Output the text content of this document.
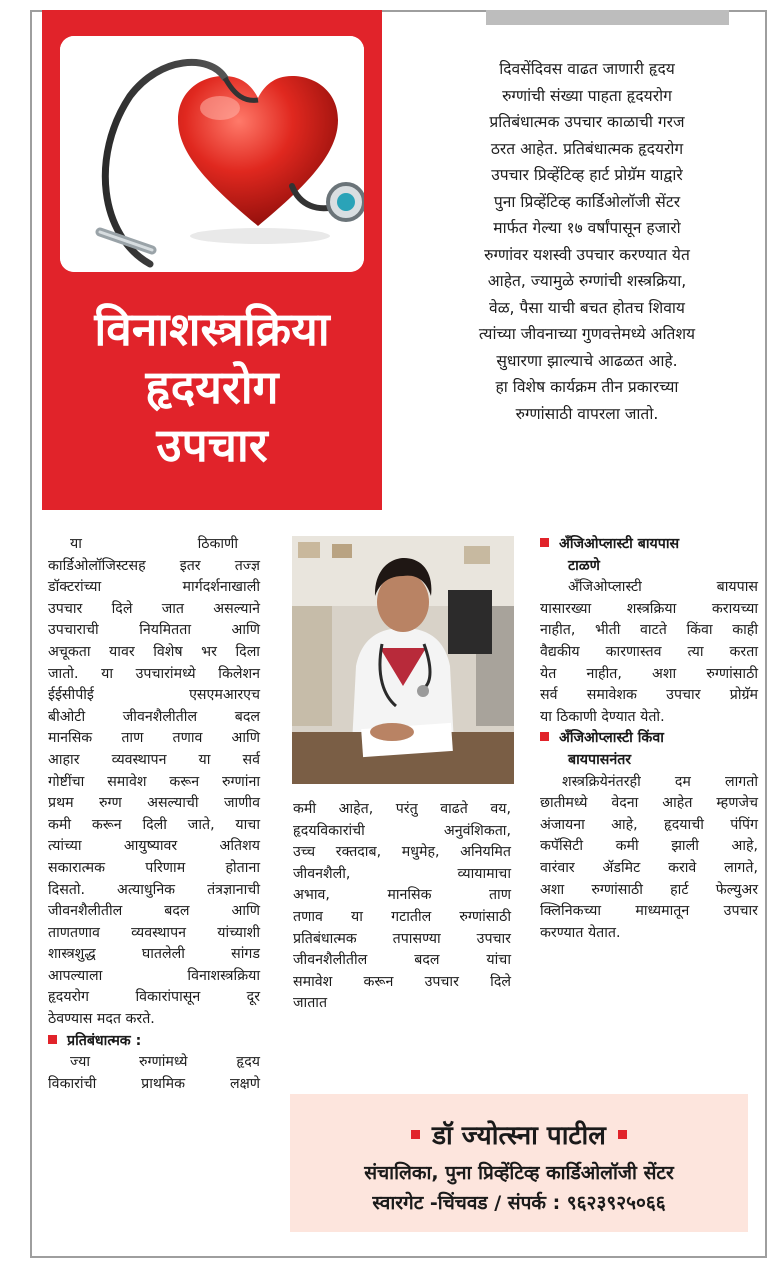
विनाशस्त्रक्रिया
हृदयरोग
उपचार
दिवसेंदिवस वाढत जाणारी हृदय
रुग्णांची संख्या पाहता हृदयरोग
प्रतिबंधात्मक उपचार काळाची गरज
ठरत आहेत. प्रतिबंधात्मक हृदयरोग
उपचार प्रिव्हेंटिव्ह हार्ट प्रोग्रॅम याद्वारे
पुना प्रिव्हेंटिव्ह कार्डिओलॉजी सेंटर
मार्फत गेल्या १७ वर्षांपासून हजारो
रुग्णांवर यशस्वी उपचार करण्यात येत
आहेत, ज्यामुळे रुग्णांची शस्त्रक्रिया,
वेळ, पैसा याची बचत होतच शिवाय
त्यांच्या जीवनाच्या गुणवत्तेमध्ये अतिशय
सुधारणा झाल्याचे आढळत आहे.
हा विशेष कार्यक्रम तीन प्रकारच्या
रुग्णांसाठी वापरला जातो.
या ठिकाणी
कार्डिओलॉजिस्टसह इतर तज्ज्ञ
डॉक्टरांच्या मार्गदर्शनाखाली
उपचार दिले जात असल्याने
उपचाराची नियमितता आणि
अचूकता यावर विशेष भर दिला
जातो. या उपचारांमध्ये किलेशन
ईईसीपीई एसएमआरएच
बीओटी जीवनशैलीतील बदल
मानसिक ताण तणाव आणि
आहार व्यवस्थापन या सर्व
गोष्टींचा समावेश करून रुग्णांना
प्रथम रुग्ण असल्याची जाणीव
कमी करून दिली जाते, याचा
त्यांच्या आयुष्यावर अतिशय
सकारात्मक परिणाम होताना
दिसतो. अत्याधुनिक तंत्रज्ञानाची
जीवनशैलीतील बदल आणि
ताणतणाव व्यवस्थापन यांच्याशी
शास्त्रशुद्ध घातलेली सांगड
आपल्याला विनाशस्त्रक्रिया
हृदयरोग विकारांपासून दूर
ठेवण्यास मदत करते.
प्रतिबंधात्मक :
ज्या रुग्णांमध्ये हृदय
विकारांची प्राथमिक लक्षणे
कमी आहेत, परंतु वाढते वय,
हृदयविकारांची अनुवंशिकता,
उच्च रक्तदाब, मधुमेह, अनियमित
जीवनशैली, व्यायामाचा
अभाव, मानसिक ताण
तणाव या गटातील रुग्णांसाठी
प्रतिबंधात्मक तपासण्या उपचार
जीवनशैलीतील बदल यांचा
समावेश करून उपचार दिले
जातात
अँजिओप्लास्टी बायपास
टाळणे
अँजिओप्लास्टी बायपास
यासारख्या शस्त्रक्रिया करायच्या
नाहीत, भीती वाटते किंवा काही
वैद्यकीय कारणास्तव त्या करता
येत नाहीत, अशा रुग्णांसाठी
सर्व समावेशक उपचार प्रोग्रॅम
या ठिकाणी देण्यात येतो.
अँजिओप्लास्टी किंवा
बायपासनंतर
शस्त्रक्रियेनंतरही दम लागतो
छातीमध्ये वेदना आहेत म्हणजेच
अंजायना आहे, हृदयाची पंपिंग
कपॅसिटी कमी झाली आहे,
वारंवार ॲडमिट करावे लागते,
अशा रुग्णांसाठी हार्ट फेल्युअर
क्लिनिकच्या माध्यमातून उपचार
करण्यात येतात.
डॉ ज्योत्स्ना पाटील
संचालिका, पुना प्रिव्हेंटिव्ह कार्डिओलॉजी सेंटर
स्वारगेट -चिंचवड / संपर्क : ९६२३९२५०६६
